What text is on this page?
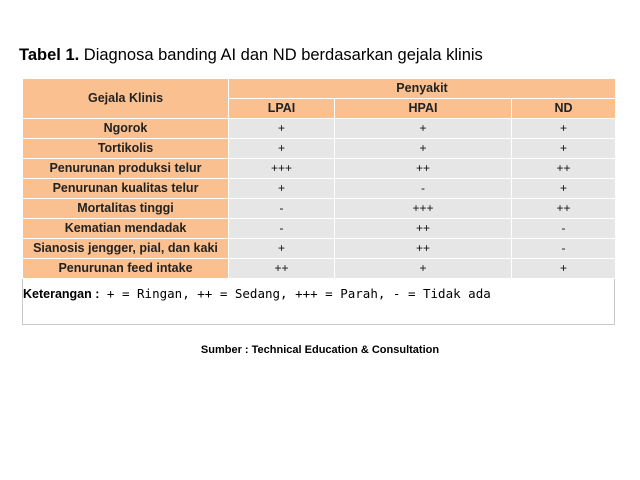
Tabel 1. Diagnosa banding AI dan ND berdasarkan gejala klinis
Gejala Klinis	Penyakit		
	LPAI	HPAI	ND
Ngorok	+	+	+
Tortikolis	+	+	+
Penurunan produksi telur	+++	++	++
Penurunan kualitas telur	+	-	+
Mortalitas tinggi	-	+++	++
Kematian mendadak	-	++	-
Sianosis jengger, pial, dan kaki	+	++	-
Penurunan feed intake	++	+	+
Keterangan : + = Ringan, ++ = Sedang, +++ = Parah, - = Tidak ada
Sumber : Technical Education & Consultation
